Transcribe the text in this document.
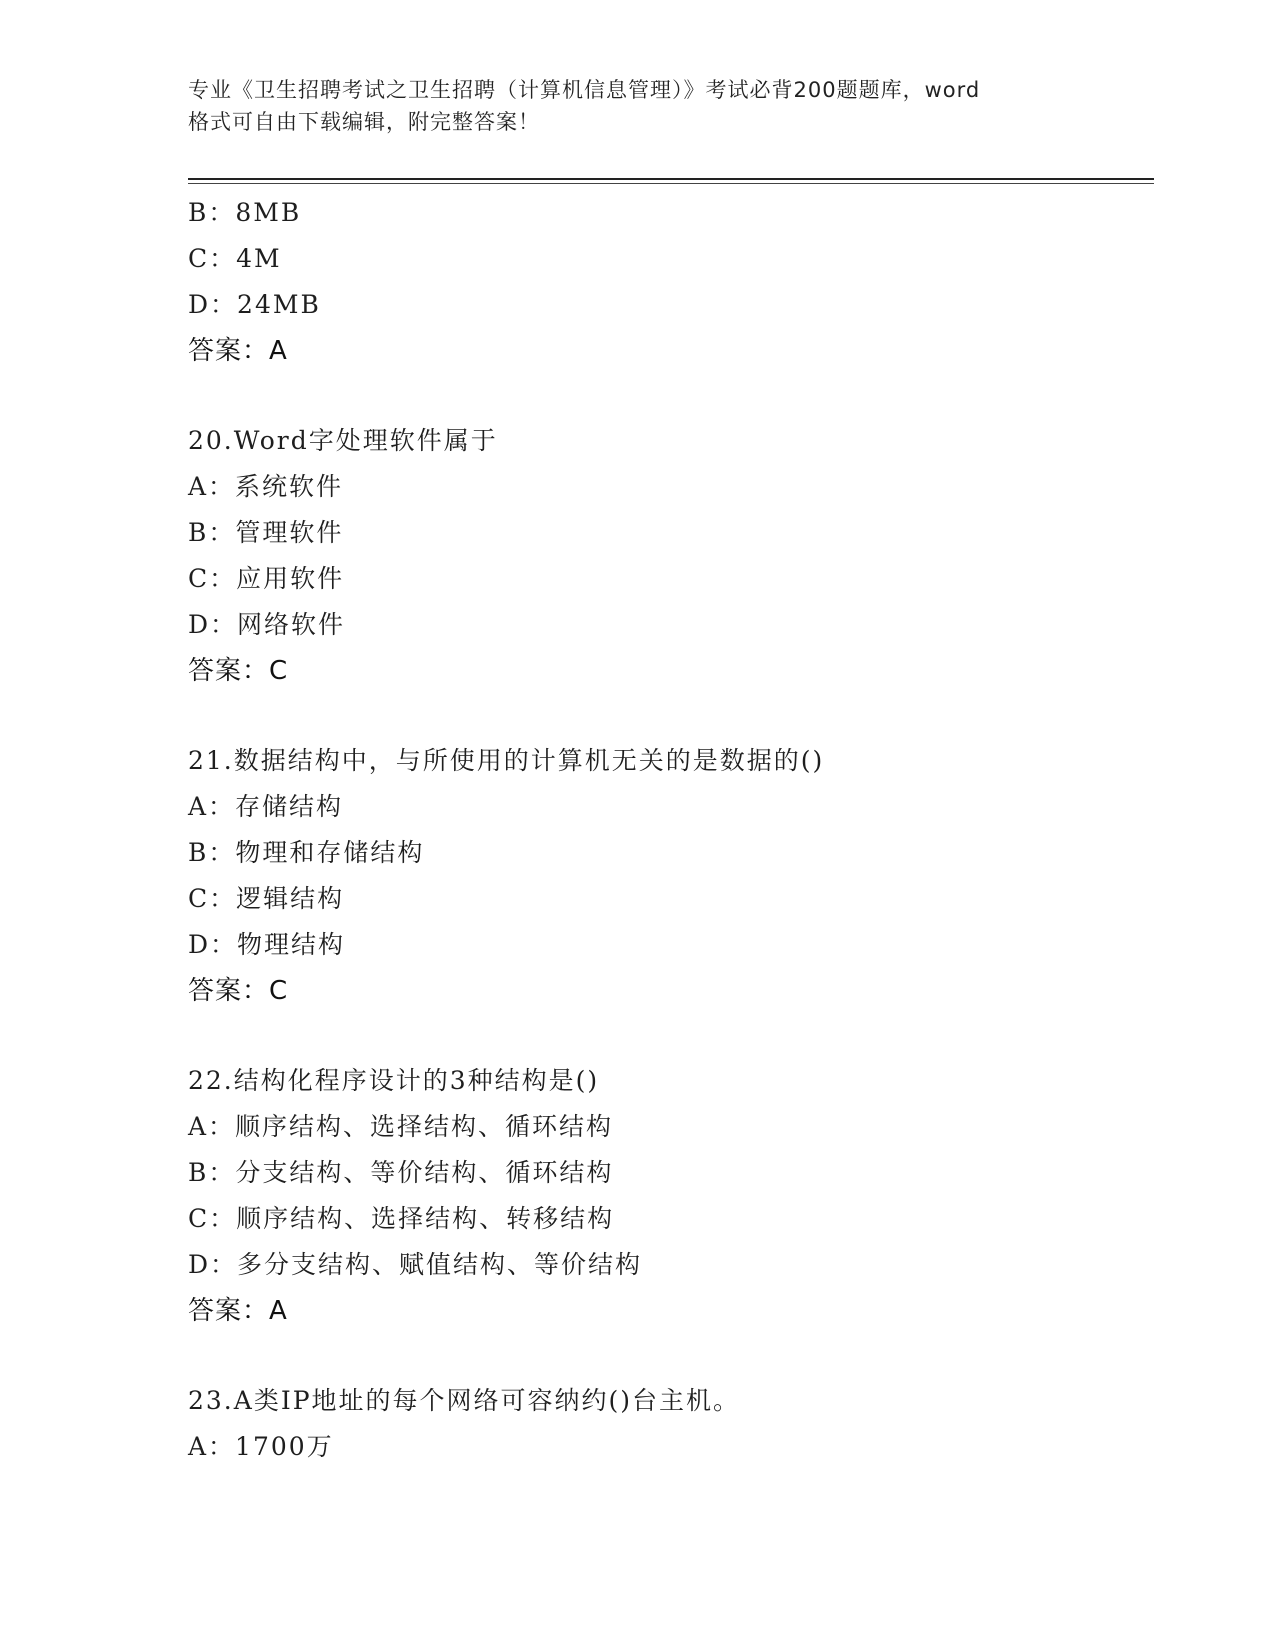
专业《卫生招聘考试之卫生招聘（计算机信息管理）》考试必背200题题库，word
格式可自由下载编辑，附完整答案！
B：8MB
C：4M
D：24MB
答案：A
20.Word字处理软件属于
A：系统软件
B：管理软件
C：应用软件
D：网络软件
答案：C
21.数据结构中，与所使用的计算机无关的是数据的()
A：存储结构
B：物理和存储结构
C：逻辑结构
D：物理结构
答案：C
22.结构化程序设计的3种结构是()
A：顺序结构、选择结构、循环结构
B：分支结构、等价结构、循环结构
C：顺序结构、选择结构、转移结构
D：多分支结构、赋值结构、等价结构
答案：A
23.A类IP地址的每个网络可容纳约()台主机。
A：1700万
